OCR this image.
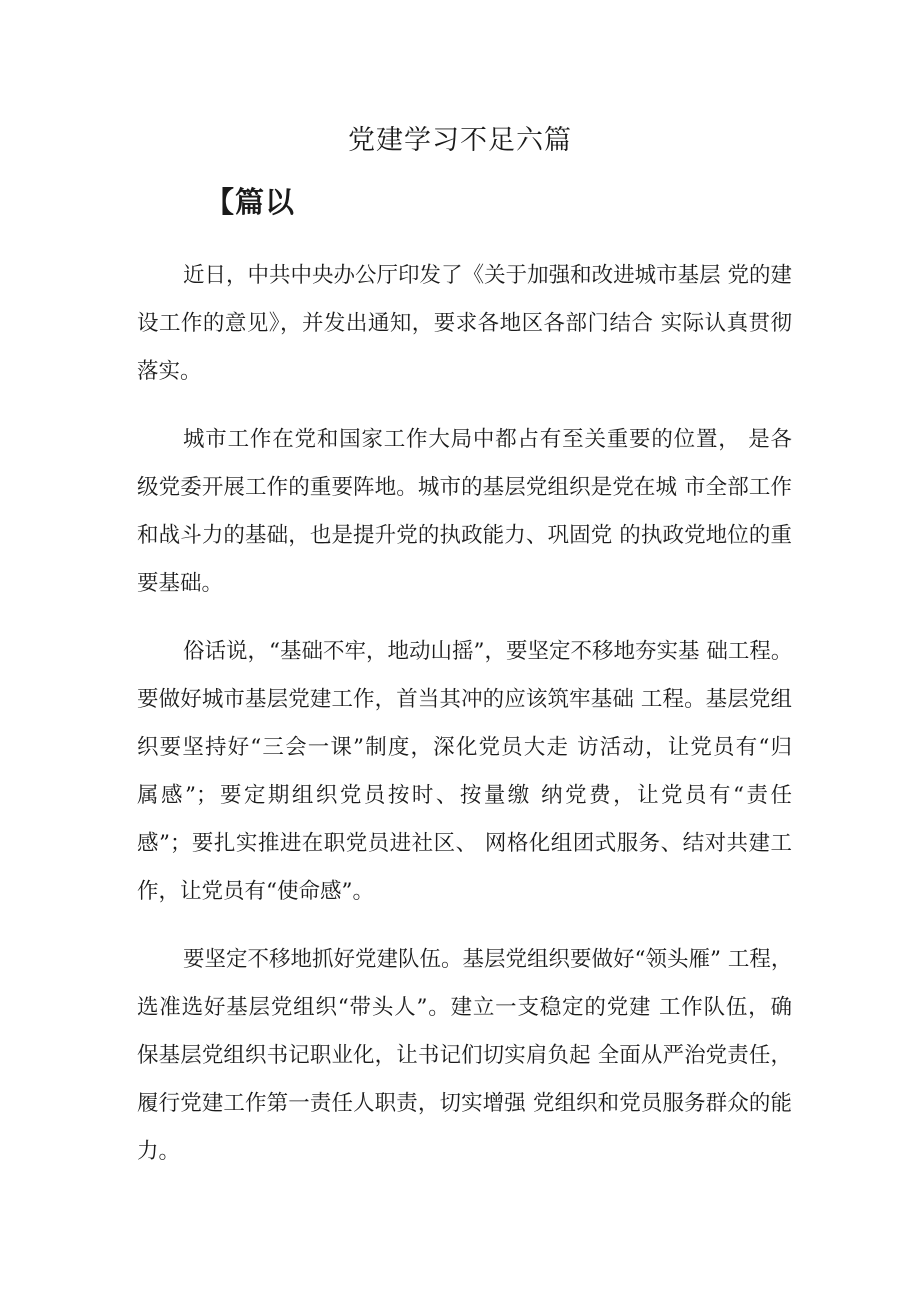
党建学习不足六篇
【篇以
近日，中共中央办公厅印发了《关于加强和改进城市基层 党的建
设工作的意见》，并发出通知，要求各地区各部门结合 实际认真贯彻
落实。
城市工作在党和国家工作大局中都占有至关重要的位置， 是各
级党委开展工作的重要阵地。城市的基层党组织是党在城 市全部工作
和战斗力的基础，也是提升党的执政能力、巩固党 的执政党地位的重
要基础。
俗话说，“基础不牢，地动山摇”，要坚定不移地夯实基 础工程。
要做好城市基层党建工作，首当其冲的应该筑牢基础 工程。基层党组
织要坚持好“三会一课”制度，深化党员大走 访活动，让党员有“归
属感”；要定期组织党员按时、按量缴 纳党费，让党员有“责任
感”；要扎实推进在职党员进社区、 网格化组团式服务、结对共建工
作，让党员有“使命感”。
要坚定不移地抓好党建队伍。基层党组织要做好“领头雁” 工程，
选准选好基层党组织“带头人”。建立一支稳定的党建 工作队伍，确
保基层党组织书记职业化，让书记们切实肩负起 全面从严治党责任，
履行党建工作第一责任人职责，切实增强 党组织和党员服务群众的能
力。
